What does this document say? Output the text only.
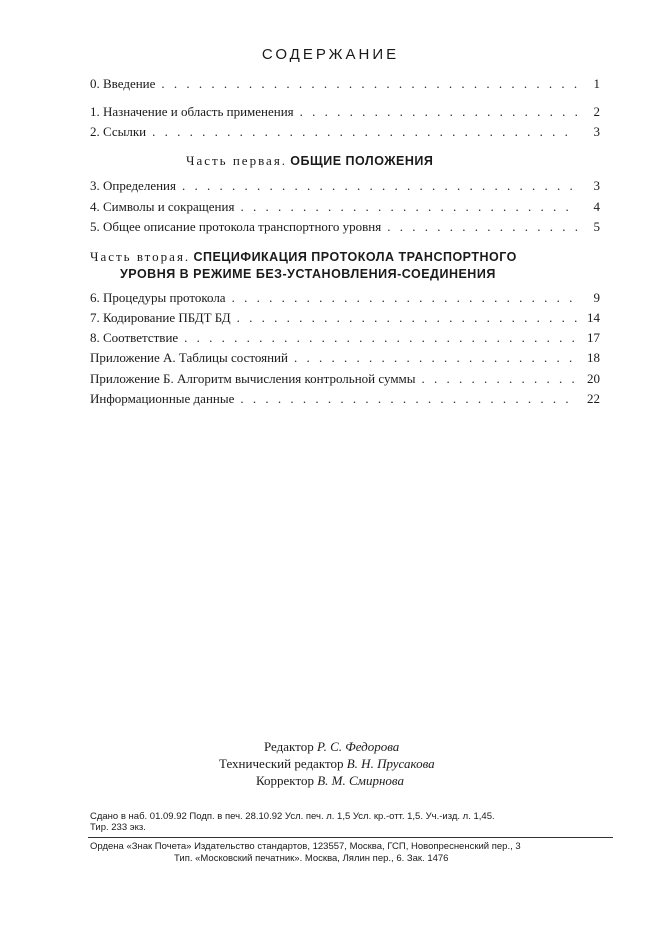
СОДЕРЖАНИЕ
0. Введение . . .	1
1. Назначение и область применения . . .	2
2. Ссылки . . .	3
Часть первая. ОБЩИЕ ПОЛОЖЕНИЯ
3. Определения . . .	3
4. Символы и сокращения . . .	4
5. Общее описание протокола транспортного уровня . . .	5
Часть вторая. СПЕЦИФИКАЦИЯ ПРОТОКОЛА ТРАНСПОРТНОГО
УРОВНЯ В РЕЖИМЕ БЕЗ-УСТАНОВЛЕНИЯ-СОЕДИНЕНИЯ
6. Процедуры протокола . . .	9
7. Кодирование ПБДТ БД . . .	14
8. Соответствие . . .	17
Приложение А. Таблицы состояний . . .	18
Приложение Б. Алгоритм вычисления контрольной суммы . . .	20
Информационные данные . . .	22
Редактор Р. С. Федорова
Технический редактор В. Н. Прусакова
Корректор В. М. Смирнова
Сдано в наб. 01.09.92 Подп. в печ. 28.10.92 Усл. печ. л. 1,5 Усл. кр.-отт. 1,5. Уч.-изд. л. 1,45.
Тир. 233 экз.
Ордена «Знак Почета» Издательство стандартов, 123557, Москва, ГСП, Новопресненский пер., 3
Тип. «Московский печатник». Москва, Лялин пер., 6. Зак. 1476
